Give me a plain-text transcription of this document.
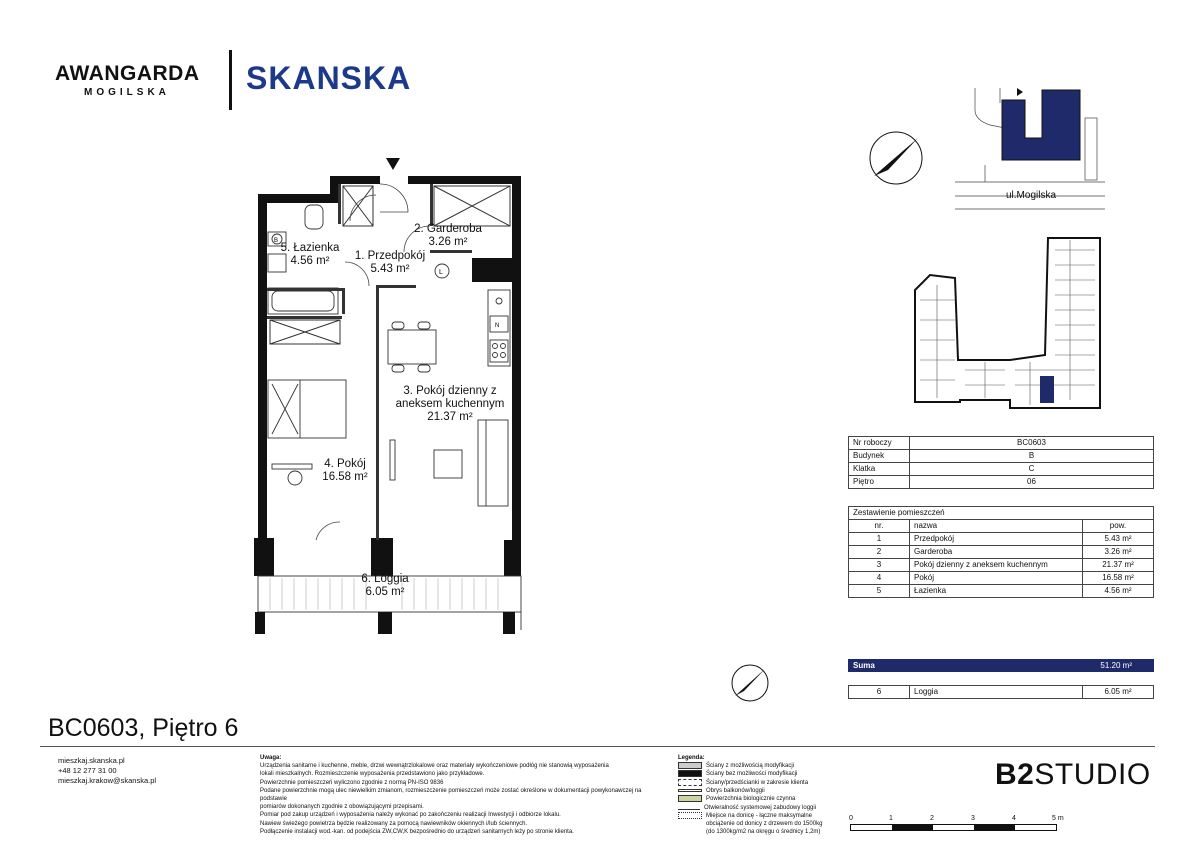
AWANGARDA
MOGILSKA SKANSKA
B
L
N
5. Łazienka
4.56 m²
2. Garderoba
3.26 m²
1. Przedpokój
5.43 m²
3. Pokój dzienny z
aneksem kuchennym
21.37 m²
4. Pokój
16.58 m²
6. Loggia
6.05 m²
ul.Mogilska
N
Nr roboczy	BC0603
Budynek	B
Klatka	C
Piętro	06
Zestawienie pomieszczeń		
nr.	nazwa	pow.
1	Przedpokój	5.43 m²
2	Garderoba	3.26 m²
3	Pokój dzienny z aneksem kuchennym	21.37 m²
4	Pokój	16.58 m²
5	Łazienka	4.56 m²
Suma	51.20 m²
6	Loggia	6.05 m²
BC0603, Piętro 6
mieszkaj.skanska.pl
+48 12 277 31 00
mieszkaj.krakow@skanska.pl
Uwaga:
Urządzenia sanitarne i kuchenne, meble, drzwi wewnątrzlokalowe oraz materiały wykończeniowe podłóg nie stanowią wyposażenia
lokali mieszkalnych. Rozmieszczenie wyposażenia przedstawiono jako przykładowe.
Powierzchnie pomieszczeń wyliczono zgodnie z normą PN-ISO 9836
Podane powierzchnie mogą ulec niewielkim zmianom, rozmieszczenie pomieszczeń może zostać określone w dokumentacji powykonawczej na podstawie
pomiarów dokonanych zgodnie z obowiązującymi przepisami.
Pomiar pod zakup urządzeń i wyposażenia należy wykonać po zakończeniu realizacji Inwestycji i odbiorze lokalu.
Nawiew świeżego powietrza będzie realizowany za pomocą nawiewników okiennych i/lub ściennych.
Podłączenie instalacji wod.-kan. od podejścia ZW,CW,K bezpośrednio do urządzeń sanitarnych leży po stronie klienta.
Legenda:
Ściany z możliwością modyfikacji
Ściany bez możliwości modyfikacji
Ściany/przedścianki w zakresie klienta
Obrys balkonów/loggii
Powierzchnia biologicznie czynna
Otwieralność systemowej zabudowy loggii
Miejsce na donicę - łączne maksymalne
obciążenie od donicy z drzewem do 1500kg
(do 1300kg/m2 na okręgu o średnicy 1,2m)
B2STUDIO
0	1	2	3	4	5 m
